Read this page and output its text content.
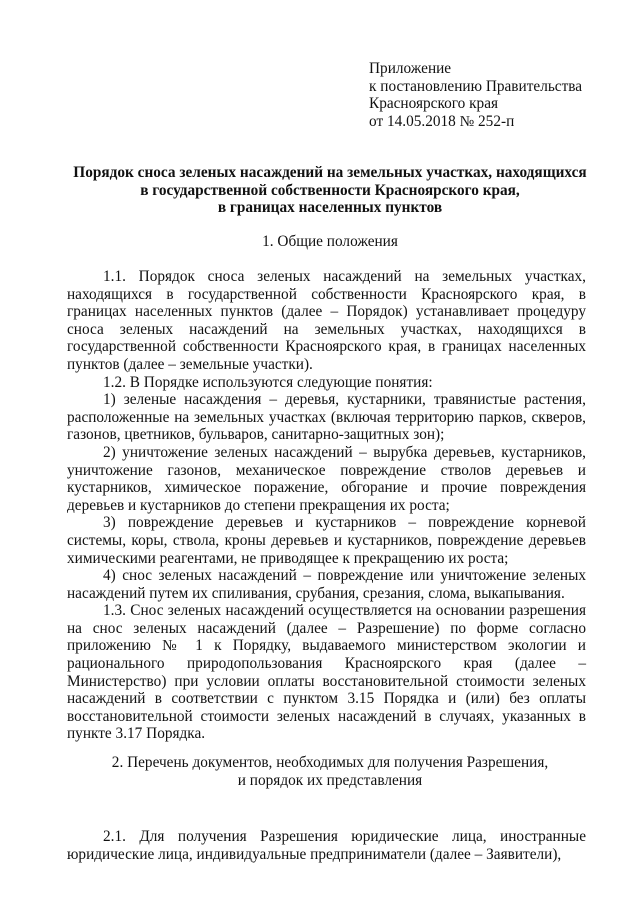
Приложение
к постановлению Правительства
Красноярского края
от 14.05.2018 № 252-п
Порядок сноса зеленых насаждений на земельных участках, находящихся
в государственной собственности Красноярского края,
в границах населенных пунктов
1. Общие положения

1.1. Порядок сноса зеленых насаждений на земельных участках, находящихся в государственной собственности Красноярского края, в границах населенных пунктов (далее – Порядок) устанавливает процедуру сноса зеленых насаждений на земельных участках, находящихся в государственной собственности Красноярского края, в границах населенных пунктов (далее – земельные участки).

1.2. В Порядке используются следующие понятия:

1) зеленые насаждения – деревья, кустарники, травянистые растения, расположенные на земельных участках (включая территорию парков, скверов, газонов, цветников, бульваров, санитарно-защитных зон);

2) уничтожение зеленых насаждений – вырубка деревьев, кустарников, уничтожение газонов, механическое повреждение стволов деревьев и кустарников, химическое поражение, обгорание и прочие повреждения деревьев и кустарников до степени прекращения их роста;

3) повреждение деревьев и кустарников – повреждение корневой системы, коры, ствола, кроны деревьев и кустарников, повреждение деревьев химическими реагентами, не приводящее к прекращению их роста;

4) снос зеленых насаждений – повреждение или уничтожение зеленых насаждений путем их спиливания, срубания, срезания, слома, выкапывания.

1.3. Снос зеленых насаждений осуществляется на основании разрешения на снос зеленых насаждений (далее – Разрешение) по форме согласно приложению № 1 к Порядку, выдаваемого министерством экологии и рационального природопользования Красноярского края (далее – Министерство) при условии оплаты восстановительной стоимости зеленых насаждений в соответствии с пунктом 3.15 Порядка и (или) без оплаты восстановительной стоимости зеленых насаждений в случаях, указанных в пункте 3.17 Порядка.

2. Перечень документов, необходимых для получения Разрешения,
и порядок их представления

2.1. Для получения Разрешения юридические лица, иностранные юридические лица, индивидуальные предприниматели (далее – Заявители),
